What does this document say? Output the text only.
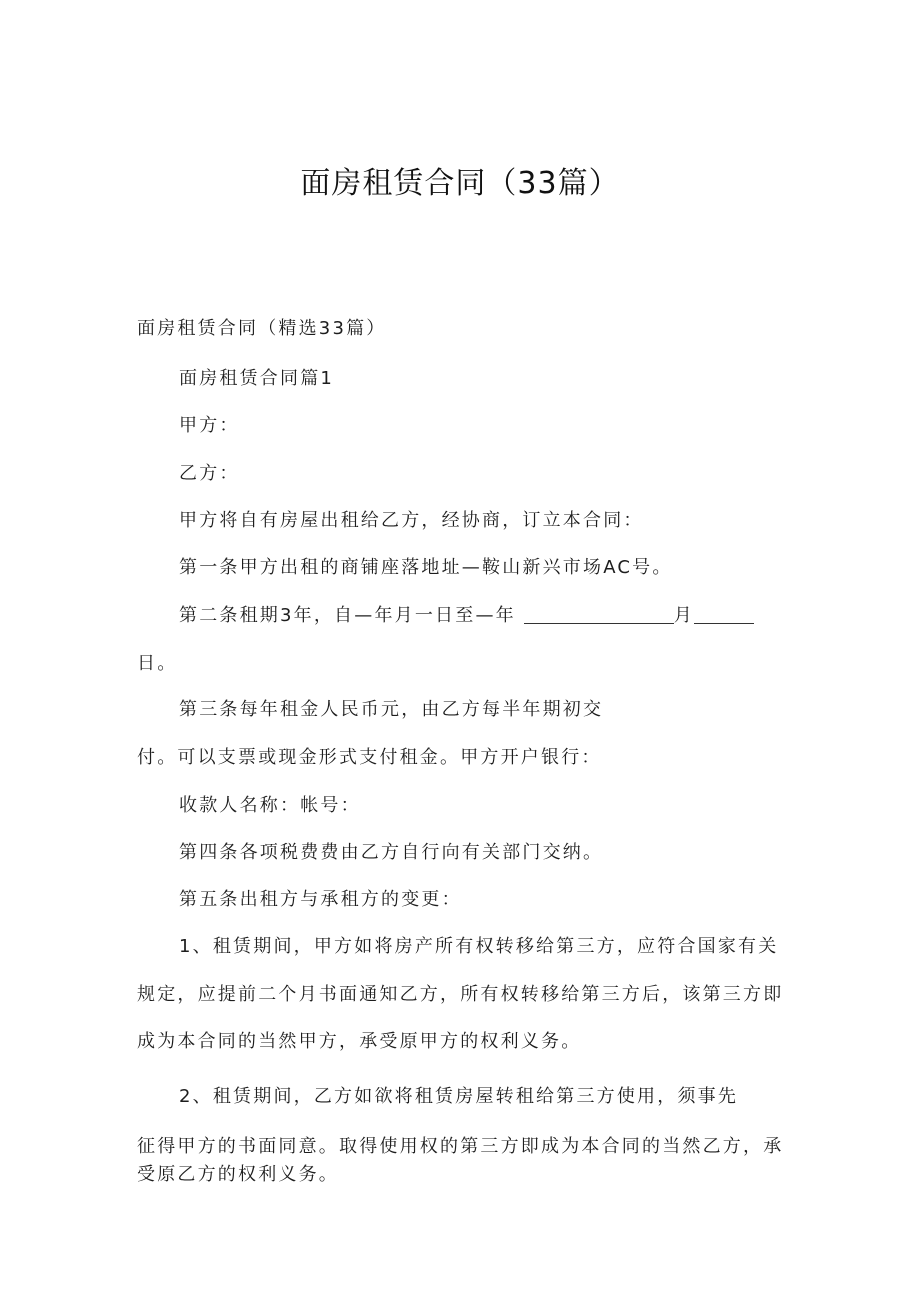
面房租赁合同（33篇）
面房租赁合同（精选33篇）
面房租赁合同篇1
甲方：
乙方：
甲方将自有房屋出租给乙方，经协商，订立本合同：
第一条甲方出租的商铺座落地址—鞍山新兴市场AC号。
第二条租期3年，自—年月一日至—年	月
日。
第三条每年租金人民币元，由乙方每半年期初交
付。可以支票或现金形式支付租金。甲方开户银行：
收款人名称：帐号：
第四条各项税费费由乙方自行向有关部门交纳。
第五条出租方与承租方的变更：
1、租赁期间，甲方如将房产所有权转移给第三方，应符合国家有关
规定，应提前二个月书面通知乙方，所有权转移给第三方后，该第三方即
成为本合同的当然甲方，承受原甲方的权利义务。
2、租赁期间，乙方如欲将租赁房屋转租给第三方使用，须事先
征得甲方的书面同意。取得使用权的第三方即成为本合同的当然乙方，承
受原乙方的权利义务。
